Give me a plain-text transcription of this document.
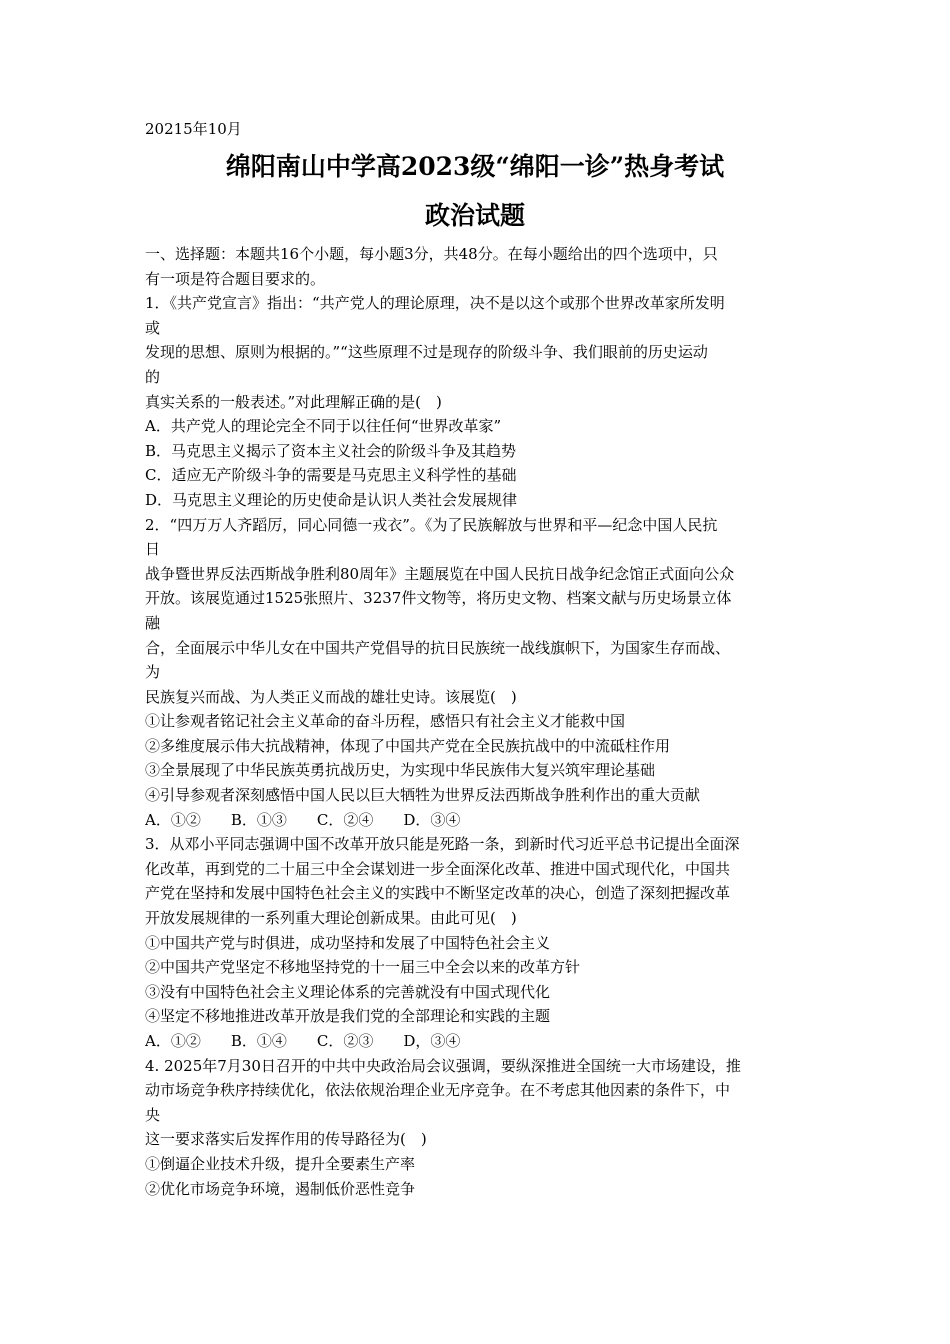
20215年10月
绵阳南山中学高2023级“绵阳一诊”热身考试
政治试题
一、选择题：本题共16个小题，每小题3分，共48分。在每小题给出的四个选项中，只
有一项是符合题目要求的。
1．《共产党宣言》指出：“共产党人的理论原理，决不是以这个或那个世界改革家所发明
或
发现的思想、原则为根据的。”“这些原理不过是现存的阶级斗争、我们眼前的历史运动
的
真实关系的一般表述。”对此理解正确的是(　)
A．共产党人的理论完全不同于以往任何“世界改革家”
B．马克思主义揭示了资本主义社会的阶级斗争及其趋势
C．适应无产阶级斗争的需要是马克思主义科学性的基础
D．马克思主义理论的历史使命是认识人类社会发展规律
2．“四万万人齐蹈厉，同心同德一戎衣”。《为了民族解放与世界和平—纪念中国人民抗
日
战争暨世界反法西斯战争胜利80周年》主题展览在中国人民抗日战争纪念馆正式面向公众
开放。该展览通过1525张照片、3237件文物等，将历史文物、档案文献与历史场景立体
融
合，全面展示中华儿女在中国共产党倡导的抗日民族统一战线旗帜下，为国家生存而战、
为
民族复兴而战、为人类正义而战的雄壮史诗。该展览(　)
①让参观者铭记社会主义革命的奋斗历程，感悟只有社会主义才能救中国
②多维度展示伟大抗战精神，体现了中国共产党在全民族抗战中的中流砥柱作用
③全景展现了中华民族英勇抗战历史，为实现中华民族伟大复兴筑牢理论基础
④引导参观者深刻感悟中国人民以巨大牺牲为世界反法西斯战争胜利作出的重大贡献
A．①②　　B．①③　　C．②④　　D．③④
3．从邓小平同志强调中国不改革开放只能是死路一条，到新时代习近平总书记提出全面深
化改革，再到党的二十届三中全会谋划进一步全面深化改革、推进中国式现代化，中国共
产党在坚持和发展中国特色社会主义的实践中不断坚定改革的决心，创造了深刻把握改革
开放发展规律的一系列重大理论创新成果。由此可见(　)
①中国共产党与时俱进，成功坚持和发展了中国特色社会主义
②中国共产党坚定不移地坚持党的十一届三中全会以来的改革方针
③没有中国特色社会主义理论体系的完善就没有中国式现代化
④坚定不移地推进改革开放是我们党的全部理论和实践的主题
A．①②　　B．①④　　C．②③　　D，③④
4. 2025年7月30日召开的中共中央政治局会议强调，要纵深推进全国统一大市场建设，推
动市场竞争秩序持续优化，依法依规治理企业无序竞争。在不考虑其他因素的条件下，中
央
这一要求落实后发挥作用的传导路径为(　)
①倒逼企业技术升级，提升全要素生产率
②优化市场竞争环境，遏制低价恶性竞争
